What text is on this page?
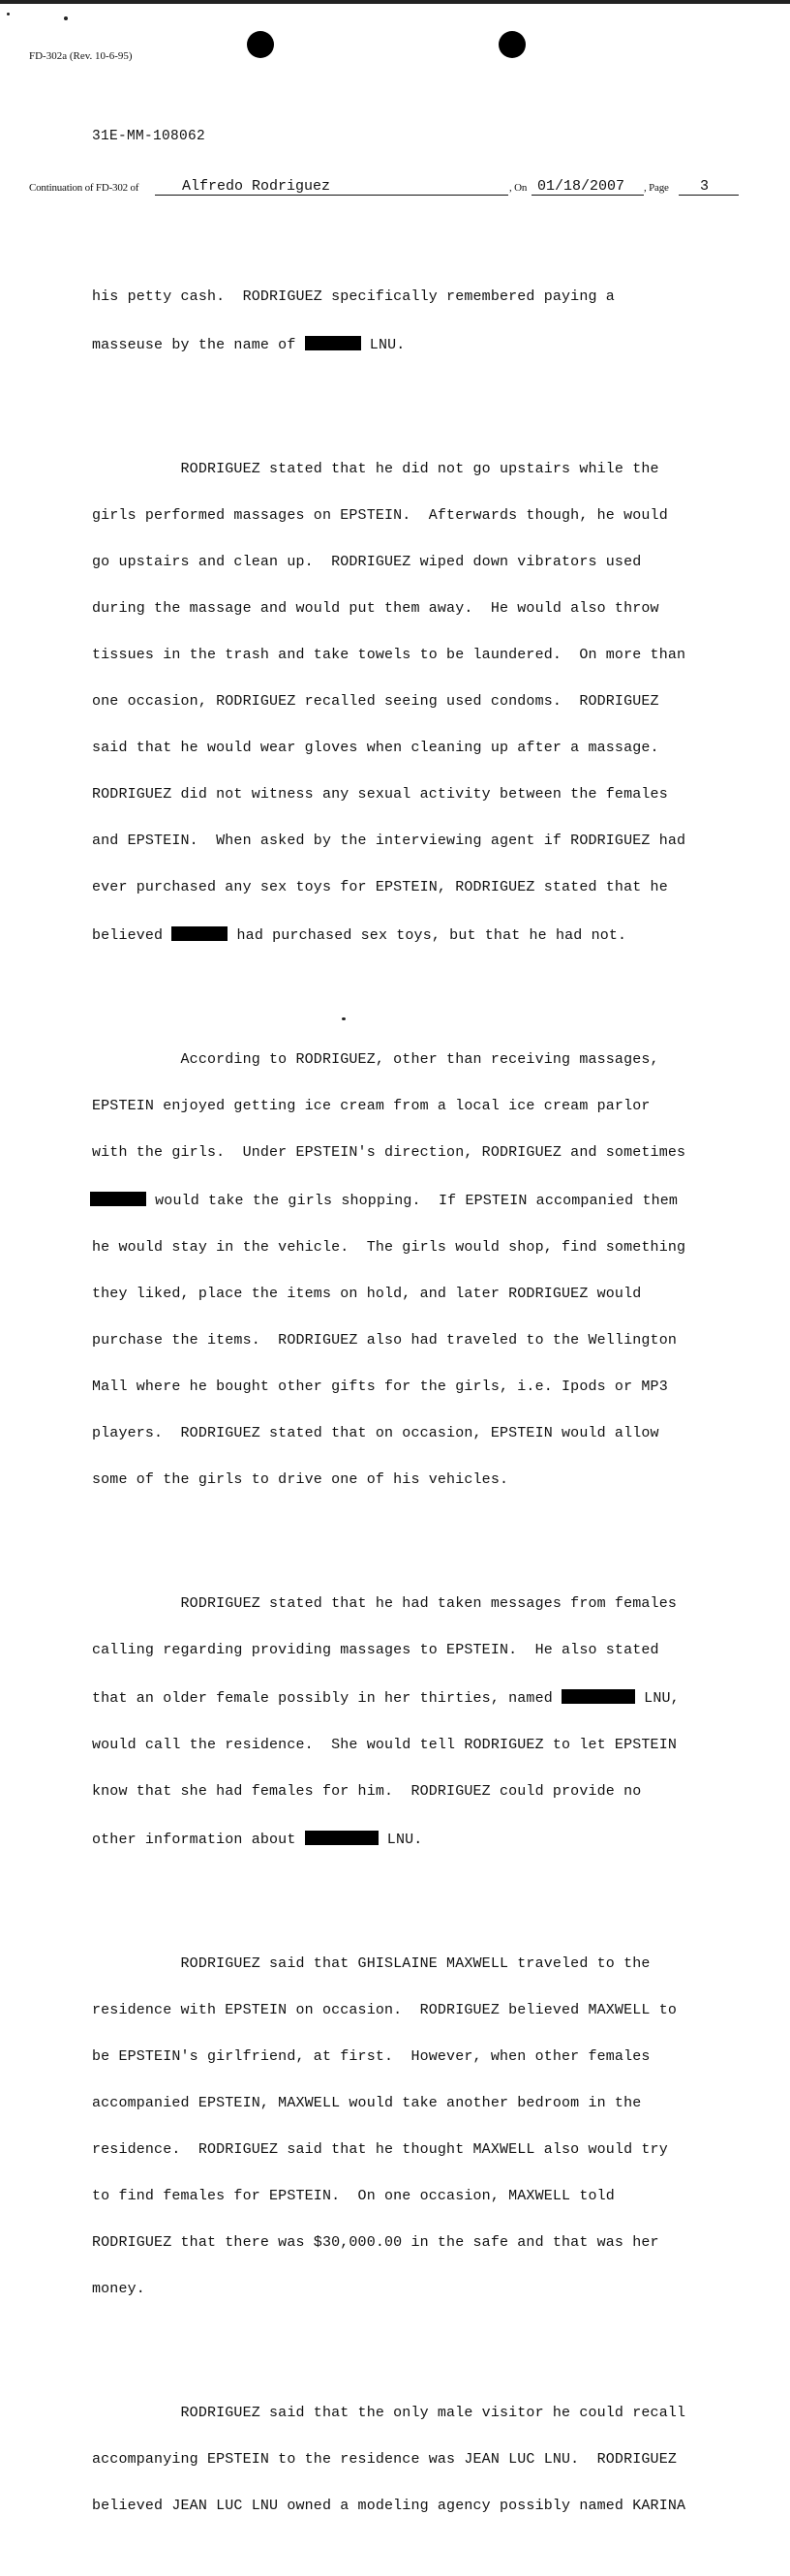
FD-302a (Rev. 10-6-95)
31E-MM-108062
Continuation of FD-302 of	Alfredo Rodriguez	, On 01/18/2007	, Page	3

his petty cash.  RODRIGUEZ specifically remembered paying a

masseuse by the name of	LNU.

RODRIGUEZ stated that he did not go upstairs while the

girls performed massages on EPSTEIN.  Afterwards though, he would

go upstairs and clean up.  RODRIGUEZ wiped down vibrators used

during the massage and would put them away.  He would also throw

tissues in the trash and take towels to be laundered.  On more than

one occasion, RODRIGUEZ recalled seeing used condoms.  RODRIGUEZ

said that he would wear gloves when cleaning up after a massage.

RODRIGUEZ did not witness any sexual activity between the females

and EPSTEIN.  When asked by the interviewing agent if RODRIGUEZ had

ever purchased any sex toys for EPSTEIN, RODRIGUEZ stated that he

believed	had purchased sex toys, but that he had not.

According to RODRIGUEZ, other than receiving massages,

EPSTEIN enjoyed getting ice cream from a local ice cream parlor

with the girls.  Under EPSTEIN's direction, RODRIGUEZ and sometimes

would take the girls shopping.  If EPSTEIN accompanied them

he would stay in the vehicle.  The girls would shop, find something

they liked, place the items on hold, and later RODRIGUEZ would

purchase the items.  RODRIGUEZ also had traveled to the Wellington

Mall where he bought other gifts for the girls, i.e. Ipods or MP3

players.  RODRIGUEZ stated that on occasion, EPSTEIN would allow

some of the girls to drive one of his vehicles.

RODRIGUEZ stated that he had taken messages from females

calling regarding providing massages to EPSTEIN.  He also stated

that an older female possibly in her thirties, named	LNU,

would call the residence.  She would tell RODRIGUEZ to let EPSTEIN

know that she had females for him.  RODRIGUEZ could provide no

other information about	LNU.

RODRIGUEZ said that GHISLAINE MAXWELL traveled to the

residence with EPSTEIN on occasion.  RODRIGUEZ believed MAXWELL to

be EPSTEIN's girlfriend, at first.  However, when other females

accompanied EPSTEIN, MAXWELL would take another bedroom in the

residence.  RODRIGUEZ said that he thought MAXWELL also would try

to find females for EPSTEIN.  On one occasion, MAXWELL told

RODRIGUEZ that there was $30,000.00 in the safe and that was her

money.

RODRIGUEZ said that the only male visitor he could recall

accompanying EPSTEIN to the residence was JEAN LUC LNU.  RODRIGUEZ

believed JEAN LUC LNU owned a modeling agency possibly named KARINA
